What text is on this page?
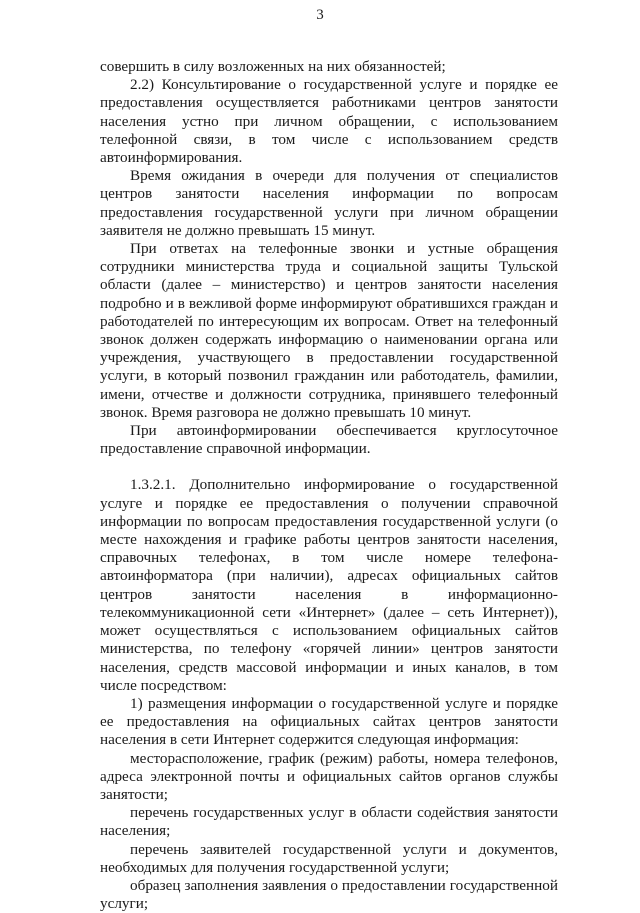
3

совершить в силу возложенных на них обязанностей;

2.2) Консультирование о государственной услуге и порядке ее предоставления осуществляется работниками центров занятости населения устно при личном обращении, с использованием телефонной связи, в том числе с использованием средств автоинформирования.

Время ожидания в очереди для получения от специалистов центров занятости населения информации по вопросам предоставления государственной услуги при личном обращении заявителя не должно превышать 15 минут.

При ответах на телефонные звонки и устные обращения сотрудники министерства труда и социальной защиты Тульской области (далее – министерство) и центров занятости населения подробно и в вежливой форме информируют обратившихся граждан и работодателей по интересующим их вопросам. Ответ на телефонный звонок должен содержать информацию о наименовании органа или учреждения, участвующего в предоставлении государственной услуги, в который позвонил гражданин или работодатель, фамилии, имени, отчестве и должности сотрудника, принявшего телефонный звонок. Время разговора не должно превышать 10 минут.

При автоинформировании обеспечивается круглосуточное предоставление справочной информации.

1.3.2.1. Дополнительно информирование о государственной услуге и порядке ее предоставления о получении справочной информации по вопросам предоставления государственной услуги (о месте нахождения и графике работы центров занятости населения, справочных телефонах, в том числе номере телефона-автоинформатора (при наличии), адресах официальных сайтов центров занятости населения в информационно-телекоммуникационной сети «Интернет» (далее – сеть Интернет)), может осуществляться с использованием официальных сайтов министерства, по телефону «горячей линии» центров занятости населения, средств массовой информации и иных каналов, в том числе посредством:

1) размещения информации о государственной услуге и порядке ее предоставления на официальных сайтах центров занятости населения в сети Интернет содержится следующая информация:

месторасположение, график (режим) работы, номера телефонов, адреса электронной почты и официальных сайтов органов службы занятости;

перечень государственных услуг в области содействия занятости населения;

перечень заявителей государственной услуги и документов, необходимых для получения государственной услуги;

образец заполнения заявления о предоставлении государственной услуги;
